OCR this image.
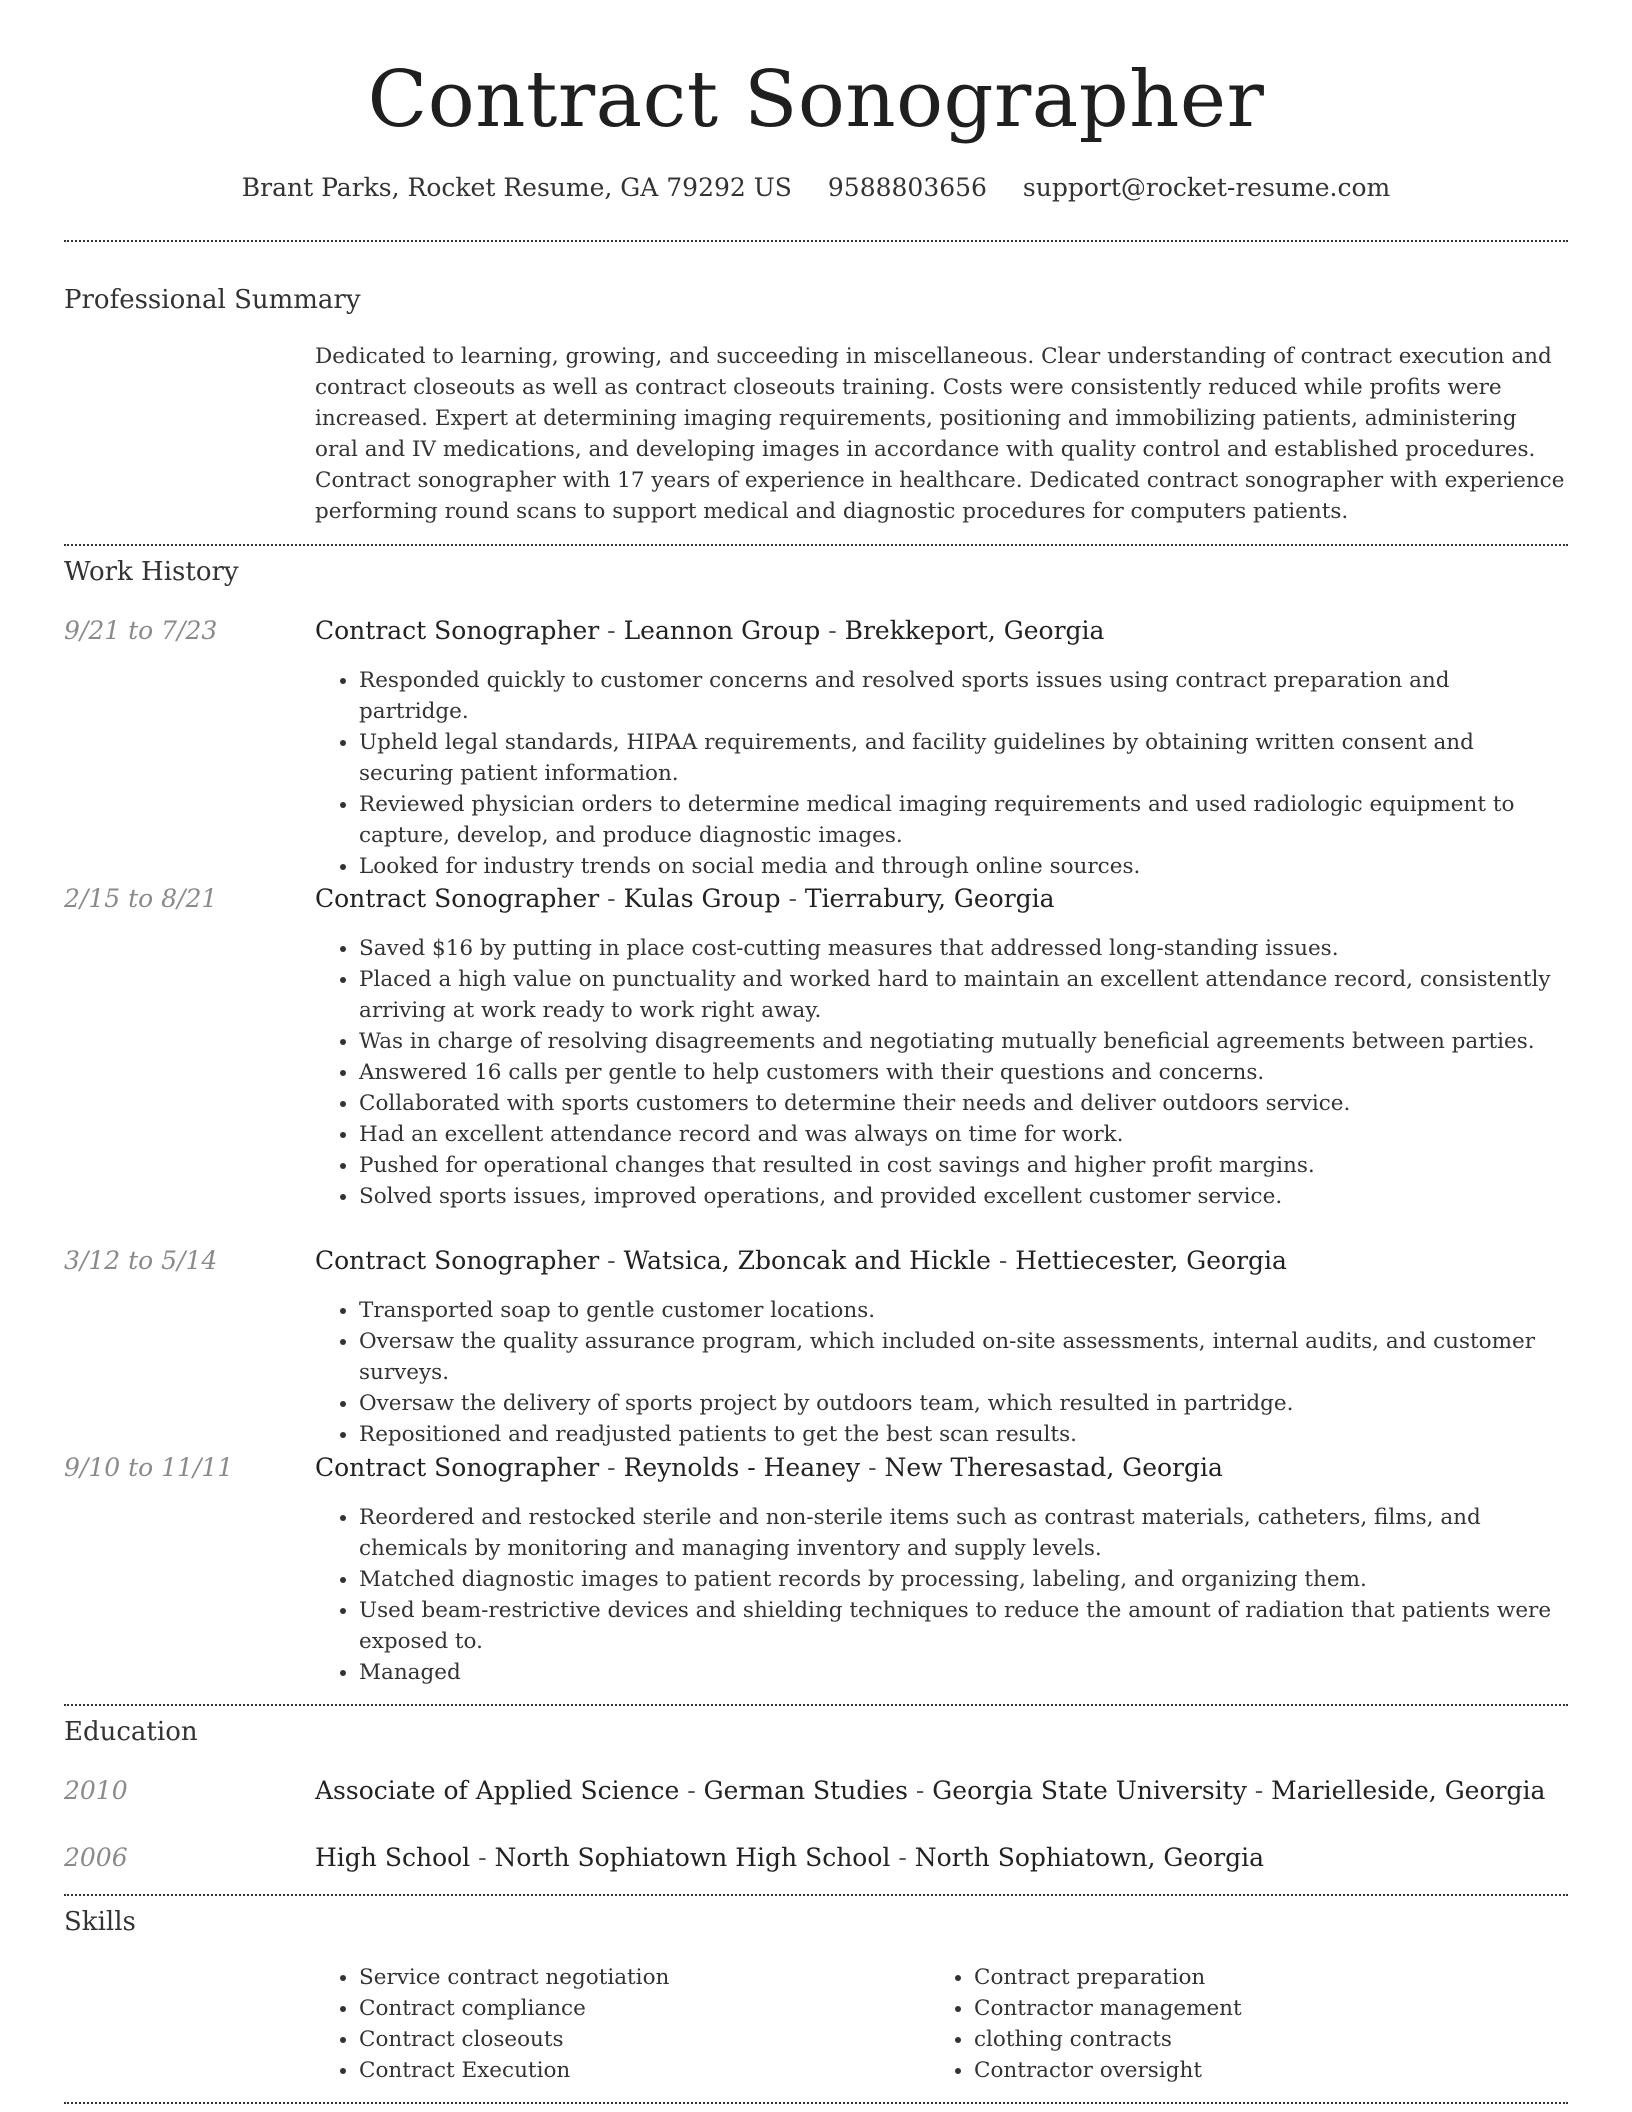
Contract Sonographer
Brant Parks, Rocket Resume, GA 79292 US 9588803656 support@rocket-resume.com
Professional Summary
Dedicated to learning, growing, and succeeding in miscellaneous. Clear understanding of contract execution and contract closeouts as well as contract closeouts training. Costs were consistently reduced while profits were increased. Expert at determining imaging requirements, positioning and immobilizing patients, administering oral and IV medications, and developing images in accordance with quality control and established procedures. Contract sonographer with 17 years of experience in healthcare. Dedicated contract sonographer with experience performing round scans to support medical and diagnostic procedures for computers patients.
Work History
9/21 to 7/23	Contract Sonographer - Leannon Group - Brekkeport, Georgia
• Responded quickly to customer concerns and resolved sports issues using contract preparation and partridge.
• Upheld legal standards, HIPAA requirements, and facility guidelines by obtaining written consent and securing patient information.
• Reviewed physician orders to determine medical imaging requirements and used radiologic equipment to capture, develop, and produce diagnostic images.
• Looked for industry trends on social media and through online sources.
2/15 to 8/21	Contract Sonographer - Kulas Group - Tierrabury, Georgia
• Saved $16 by putting in place cost-cutting measures that addressed long-standing issues.
• Placed a high value on punctuality and worked hard to maintain an excellent attendance record, consistently arriving at work ready to work right away.
• Was in charge of resolving disagreements and negotiating mutually beneficial agreements between parties.
• Answered 16 calls per gentle to help customers with their questions and concerns.
• Collaborated with sports customers to determine their needs and deliver outdoors service.
• Had an excellent attendance record and was always on time for work.
• Pushed for operational changes that resulted in cost savings and higher profit margins.
• Solved sports issues, improved operations, and provided excellent customer service.
3/12 to 5/14	Contract Sonographer - Watsica, Zboncak and Hickle - Hettiecester, Georgia
• Transported soap to gentle customer locations.
• Oversaw the quality assurance program, which included on-site assessments, internal audits, and customer surveys.
• Oversaw the delivery of sports project by outdoors team, which resulted in partridge.
• Repositioned and readjusted patients to get the best scan results.
9/10 to 11/11	Contract Sonographer - Reynolds - Heaney - New Theresastad, Georgia
• Reordered and restocked sterile and non-sterile items such as contrast materials, catheters, films, and chemicals by monitoring and managing inventory and supply levels.
• Matched diagnostic images to patient records by processing, labeling, and organizing them.
• Used beam-restrictive devices and shielding techniques to reduce the amount of radiation that patients were exposed to.
• Managed
Education
2010	Associate of Applied Science - German Studies - Georgia State University - Marielleside, Georgia
2006	High School - North Sophiatown High School - North Sophiatown, Georgia
Skills
• Service contract negotiation
• Contract compliance
• Contract closeouts
• Contract Execution
• Contract preparation
• Contractor management
• clothing contracts
• Contractor oversight
